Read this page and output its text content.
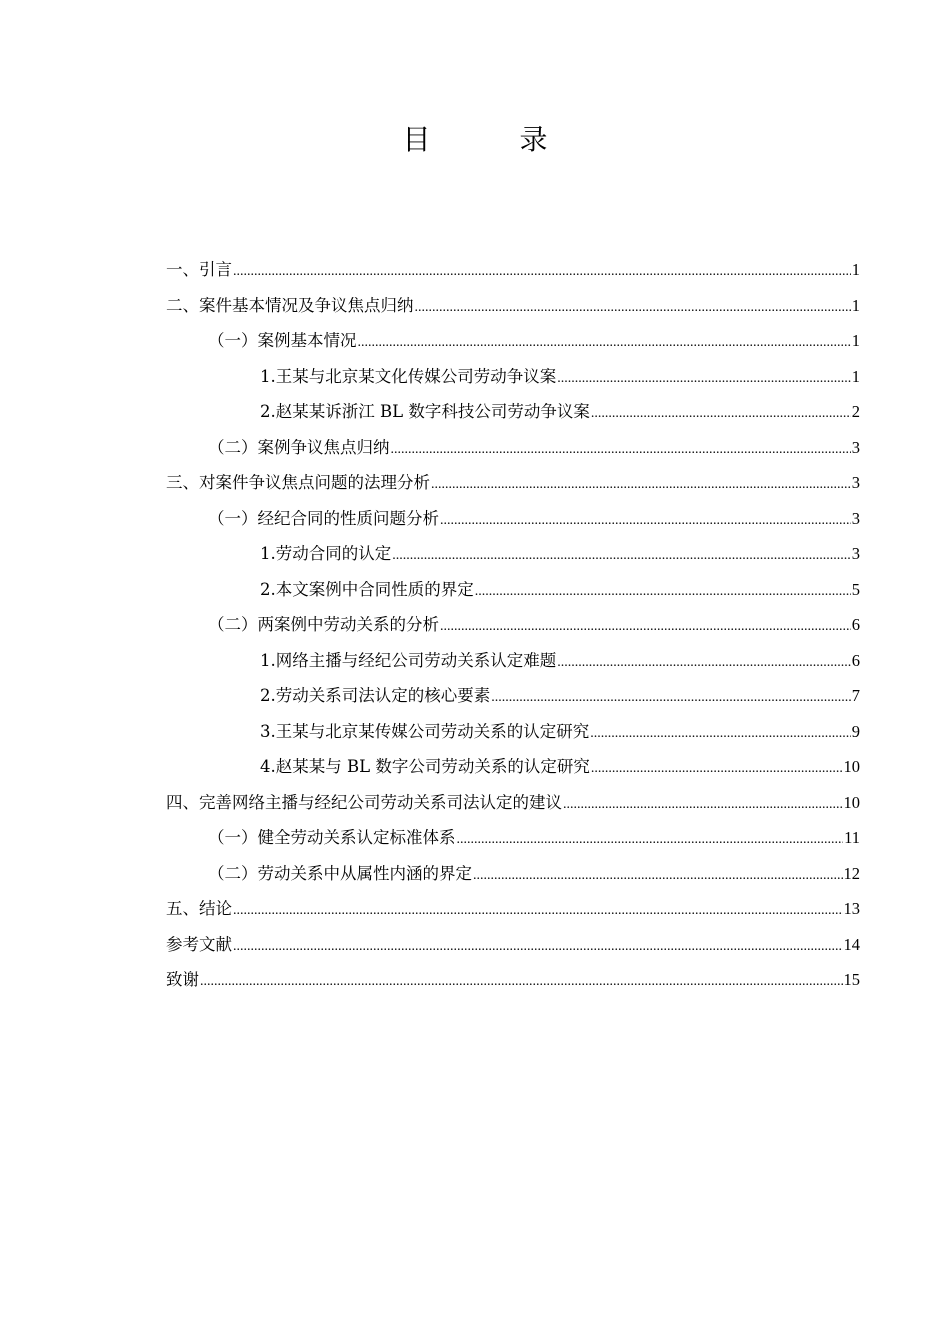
目 录
一、引言 .....	1
二、案件基本情况及争议焦点归纳 .....	1
（一）案例基本情况 .....	1
1.王某与北京某文化传媒公司劳动争议案 .....	1
2.赵某某诉浙江 BL 数字科技公司劳动争议案 .....	2
（二）案例争议焦点归纳 .....	3
三、对案件争议焦点问题的法理分析 .....	3
（一）经纪合同的性质问题分析 .....	3
1.劳动合同的认定 .....	3
2.本文案例中合同性质的界定 .....	5
（二）两案例中劳动关系的分析 .....	6
1.网络主播与经纪公司劳动关系认定难题 .....	6
2.劳动关系司法认定的核心要素 .....	7
3.王某与北京某传媒公司劳动关系的认定研究 .....	9
4.赵某某与 BL 数字公司劳动关系的认定研究 .....	10
四、完善网络主播与经纪公司劳动关系司法认定的建议 .....	10
（一）健全劳动关系认定标准体系 .....	11
（二）劳动关系中从属性内涵的界定 .....	12
五、结论 .....	13
参考文献 .....	14
致谢 .....	15
